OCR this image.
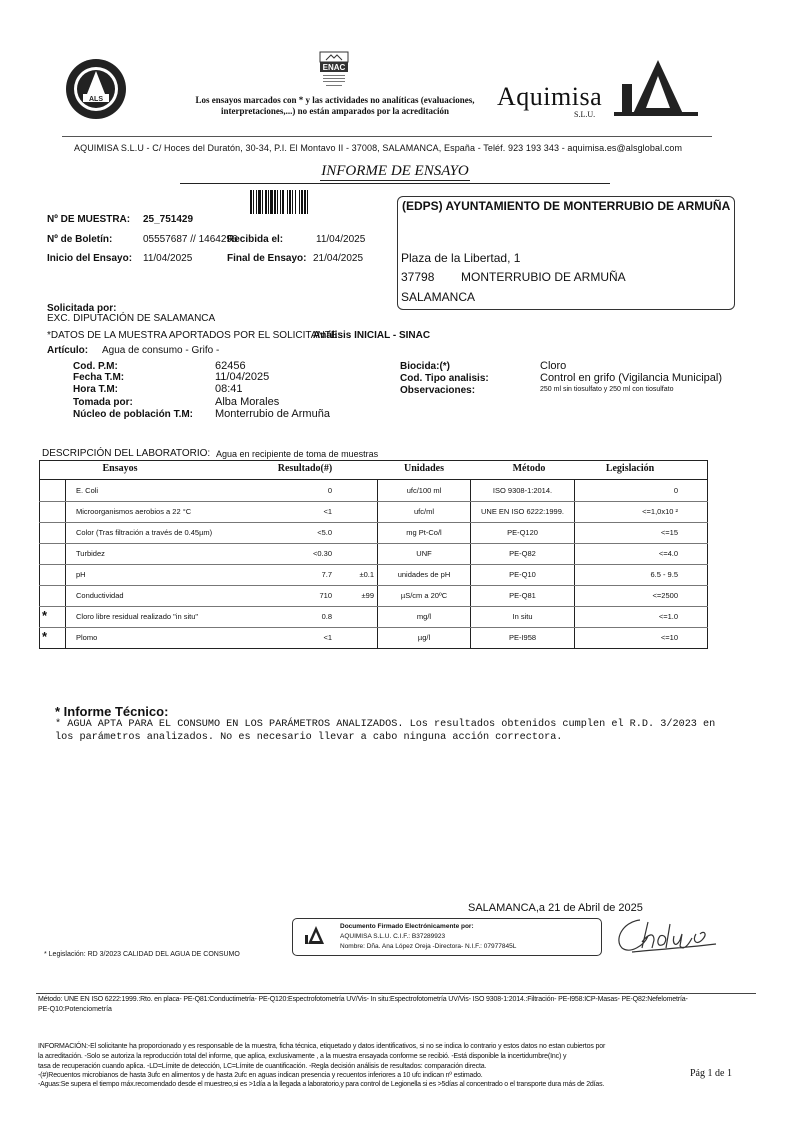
ALS
ENAC
Los ensayos marcados con * y las actividades no analíticas (evaluaciones, interpretaciones,...) no están amparados por la acreditación	Aquimisa
S.L.U.
AQUIMISA S.L.U - C/ Hoces del Duratón, 30-34, P.I. El Montavo II - 37008, SALAMANCA, España - Teléf. 923 193 343 - aquimisa.es@alsglobal.com
INFORME DE ENSAYO
Nº DE MUESTRA: 25_751429
Nº de Boletín:	05557687 // 1464296
Recibida el:	11/04/2025
Inicio del Ensayo: 11/04/2025	Final de Ensayo: 21/04/2025
(EDPS) AYUNTAMIENTO DE MONTERRUBIO DE ARMUÑA
Plaza de la Libertad, 1
37798 MONTERRUBIO DE ARMUÑA
SALAMANCA
Solicitada por:
EXC. DIPUTACIÓN DE SALAMANCA
*DATOS DE LA MUESTRA APORTADOS POR EL SOLICITANTE:
Análisis INICIAL - SINAC
Artículo: Agua de consumo - Grifo -
Cod. P.M:	62456
Fecha T.M:	11/04/2025
Hora T.M:	08:41
Tomada por:	Alba Morales
Núcleo de población T.M: Monterrubio de Armuña
Biocida:(*)	Cloro
Cod. Tipo analisis:	Control en grifo (Vigilancia Municipal)
Observaciones:	250 ml sin tiosulfato y 250 ml con tiosulfato
DESCRIPCIÓN DEL LABORATORIO: Agua en recipiente de toma de muestras
Ensayos	Resultado(#)	Unidades	Método	Legislación
E. Coli	0	ufc/100 ml	ISO 9308-1:2014.	0
Microorganismos aerobios a 22 °C	<1	ufc/ml	UNE EN ISO 6222:1999.	<=1,0x10 ²
Color (Tras filtración a través de 0.45µm)	<5.0	mg Pt-Co/l	PE-Q120	<=15
Turbidez	<0.30	UNF	PE-Q82	<=4.0
pH	7.7	±0.1	unidades de pH	PE-Q10	6.5 - 9.5
Conductividad	710	±99	µS/cm a 20ºC	PE-Q81	<=2500
*	Cloro libre residual realizado "in situ"	0.8	mg/l	In situ	<=1.0
*	Plomo	<1	µg/l	PE-I958	<=10
* Informe Técnico:
* AGUA APTA PARA EL CONSUMO EN LOS PARÁMETROS ANALIZADOS. Los resultados obtenidos cumplen el R.D. 3/2023 en
los parámetros analizados. No es necesario llevar a cabo ninguna acción correctora.
SALAMANCA,a 21 de Abril de 2025
Documento Firmado Electrónicamente por:
AQUIMISA S.L.U. C.I.F.: B37289923
Nombre: Dña. Ana López Oreja -Directora- N.I.F.: 07977845L
* Legislación: RD 3/2023 CALIDAD DEL AGUA DE CONSUMO
Método: UNE EN ISO 6222:1999.:Rto. en placa- PE-Q81:Conductimetría- PE-Q120:Espectrofotometría UV/Vis- In situ:Espectrofotometría UV/Vis- ISO 9308-1:2014.:Filtración- PE-I958:ICP-Masas- PE-Q82:Nefelometría-
PE-Q10:Potenciometría
INFORMACIÓN:-El solicitante ha proporcionado y es responsable de la muestra, ficha técnica, etiquetado y datos identificativos, si no se indica lo contrario y estos datos no estan cubiertos por
la acreditación. -Solo se autoriza la reproducción total del informe, que aplica, exclusivamente , a la muestra ensayada conforme se recibió. -Está disponible la incertidumbre(Inc) y
tasa de recuperación cuando aplica. -LD=Límite de detección, LC=Límite de cuantificación. -Regla decisión análisis de resultados: comparación directa.
-(#)Recuentos microbianos de hasta 3ufc en alimentos y de hasta 2ufc en aguas indican presencia y recuentos inferiores a 10 ufc indican nº estimado.
-Aguas:Se supera el tiempo máx.recomendado desde el muestreo,si es >1día a la llegada a laboratorio,y para control de Legionella si es >5días al concentrado o el transporte dura más de 2días.
Pág 1 de 1
